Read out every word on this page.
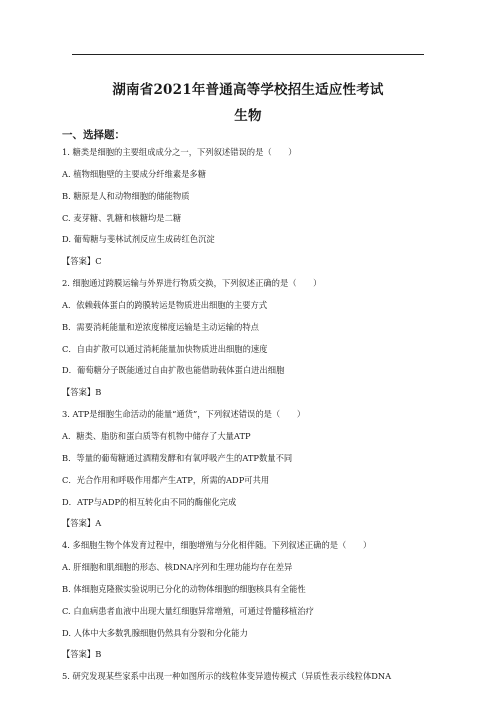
湖南省2021年普通高等学校招生适应性考试
生物
一、选择题：
1. 糖类是细胞的主要组成成分之一，下列叙述错误的是（　　）
A. 植物细胞壁的主要成分纤维素是多糖
B. 糖原是人和动物细胞的储能物质
C. 麦芽糖、乳糖和核糖均是二糖
D. 葡萄糖与斐林试剂反应生成砖红色沉淀
【答案】C
2. 细胞通过跨膜运输与外界进行物质交换，下列叙述正确的是（　　）
A．依赖载体蛋白的跨膜转运是物质进出细胞的主要方式
B．需要消耗能量和逆浓度梯度运输是主动运输的特点
C．自由扩散可以通过消耗能量加快物质进出细胞的速度
D．葡萄糖分子既能通过自由扩散也能借助载体蛋白进出细胞
【答案】B
3. ATP是细胞生命活动的能量“通货”，下列叙述错误的是（　　）
A．糖类、脂肪和蛋白质等有机物中储存了大量ATP
B．等量的葡萄糖通过酒精发酵和有氧呼吸产生的ATP数量不同
C．光合作用和呼吸作用都产生ATP，所需的ADP可共用
D．ATP与ADP的相互转化由不同的酶催化完成
【答案】A
4. 多细胞生物个体发育过程中，细胞增殖与分化相伴随。下列叙述正确的是（　　）
A. 肝细胞和肌细胞的形态、核DNA序列和生理功能均存在差异
B. 体细胞克隆猴实验说明已分化的动物体细胞的细胞核具有全能性
C. 白血病患者血液中出现大量红细胞异常增殖，可通过骨髓移植治疗
D. 人体中大多数乳腺细胞仍然具有分裂和分化能力
【答案】B
5. 研究发现某些家系中出现一种如图所示的线粒体变异遗传模式（异质性表示线粒体DNA
